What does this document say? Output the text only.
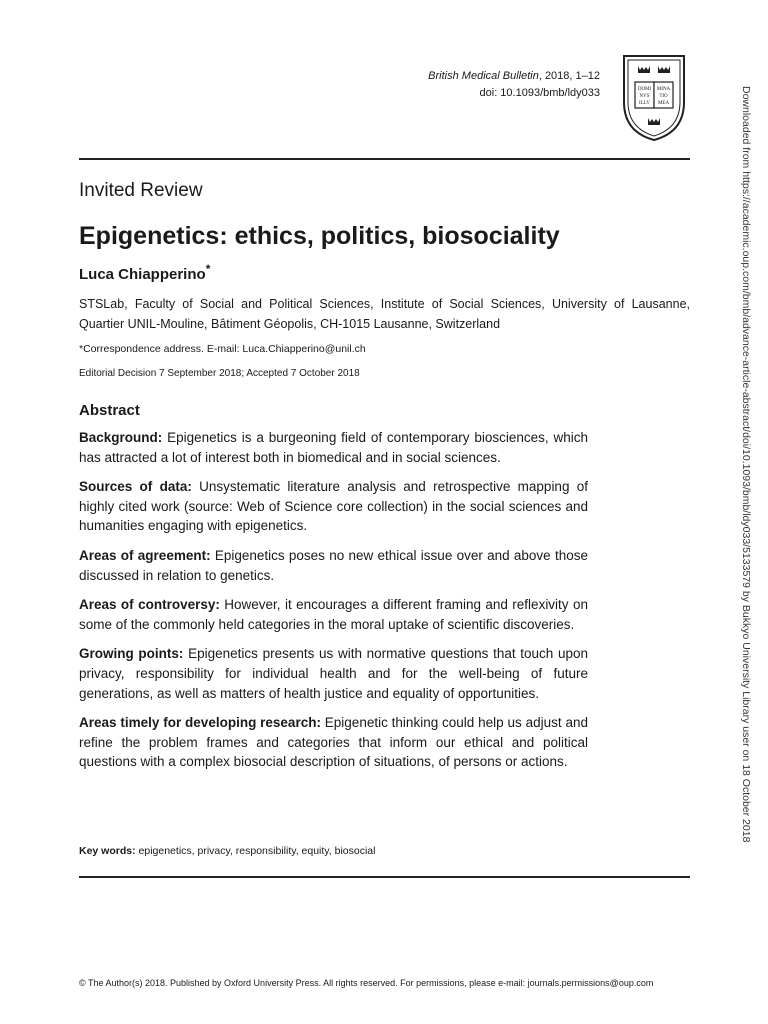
British Medical Bulletin, 2018, 1–12
doi: 10.1093/bmb/ldy033	DOMI
NVS
ILLV
MINA
TIO
MEA
Invited Review
Epigenetics: ethics, politics, biosociality
Luca Chiapperino*
STSLab, Faculty of Social and Political Sciences, Institute of Social Sciences, University of Lausanne, Quartier UNIL-Mouline, Bâtiment Géopolis, CH-1015 Lausanne, Switzerland
*Correspondence address. E-mail: Luca.Chiapperino@unil.ch
Editorial Decision 7 September 2018; Accepted 7 October 2018
Abstract

Background: Epigenetics is a burgeoning field of contemporary biosciences, which has attracted a lot of interest both in biomedical and in social sciences.

Sources of data: Unsystematic literature analysis and retrospective mapping of highly cited work (source: Web of Science core collection) in the social sciences and humanities engaging with epigenetics.

Areas of agreement: Epigenetics poses no new ethical issue over and above those discussed in relation to genetics.

Areas of controversy: However, it encourages a different framing and reflexivity on some of the commonly held categories in the moral uptake of scientific discoveries.

Growing points: Epigenetics presents us with normative questions that touch upon privacy, responsibility for individual health and for the well-being of future generations, as well as matters of health justice and equality of opportunities.

Areas timely for developing research: Epigenetic thinking could help us adjust and refine the problem frames and categories that inform our ethical and political questions with a complex biosocial description of situations, of persons or actions.

Key words: epigenetics, privacy, responsibility, equity, biosocial
© The Author(s) 2018. Published by Oxford University Press. All rights reserved. For permissions, please e-mail: journals.permissions@oup.com
Downloaded from https://academic.oup.com/bmb/advance-article-abstract/doi/10.1093/bmb/ldy033/5133579 by Bukkyo University Library user on 18 October 2018
